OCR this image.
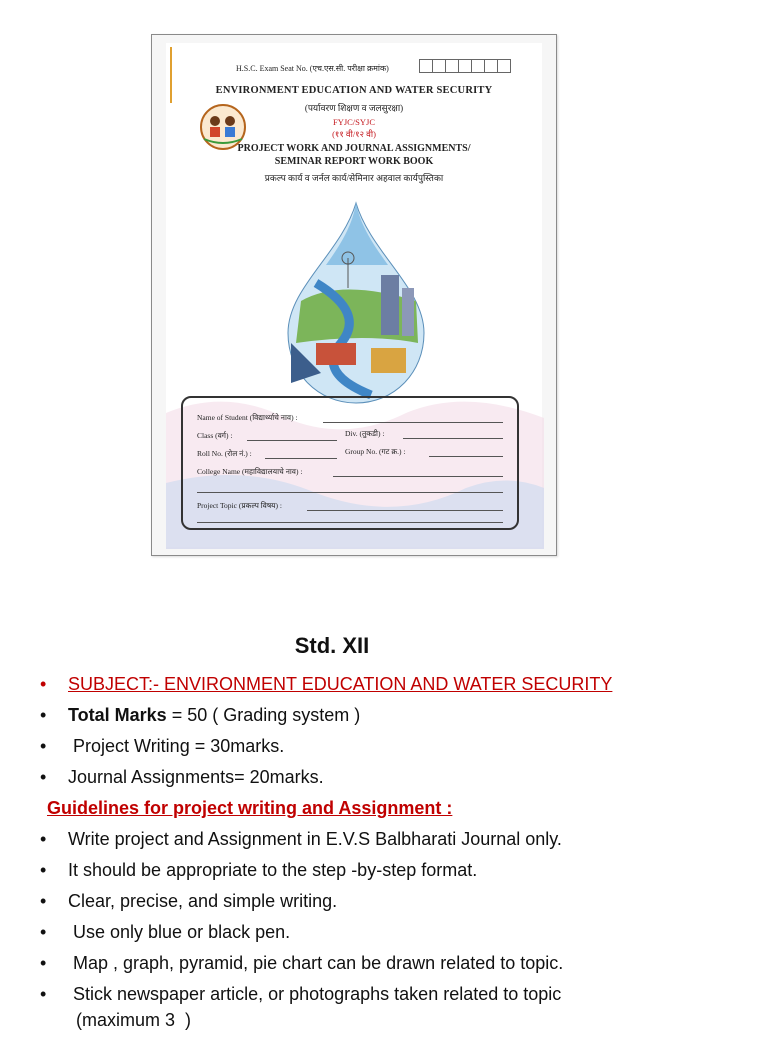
H.S.C. Exam Seat No. (एच.एस.सी. परीक्षा क्रमांक)
ENVIRONMENT EDUCATION AND WATER SECURITY
(पर्यावरण शिक्षण व जलसुरक्षा)
FYJC/SYJC
(११ वी/१२ वी)
PROJECT WORK AND JOURNAL ASSIGNMENTS/
SEMINAR REPORT WORK BOOK
प्रकल्प कार्य व जर्नल कार्य/सेमिनार अहवाल कार्यपुस्तिका
Name of Student (विद्यार्थ्याचे नाव) :
Class (वर्ग) :	Div. (तुकडी) :
Roll No. (रोल नं.) :	Group No. (गट क्र.) :
College Name (महाविद्यालयाचे नाव) :
Project Topic (प्रकल्प विषय) :
Std. XII
• SUBJECT:- ENVIRONMENT EDUCATION AND WATER SECURITY
• Total Marks = 50 ( Grading system )
• Project Writing = 30marks.
• Journal Assignments= 20marks.
Guidelines for project writing and Assignment :
• Write project and Assignment in E.V.S Balbharati Journal only.
• It should be appropriate to the step -by-step format.
• Clear, precise, and simple writing.
• Use only blue or black pen.
• Map , graph, pyramid, pie chart can be drawn related to topic.
• Stick newspaper article, or photographs taken related to topic
(maximum 3  )
